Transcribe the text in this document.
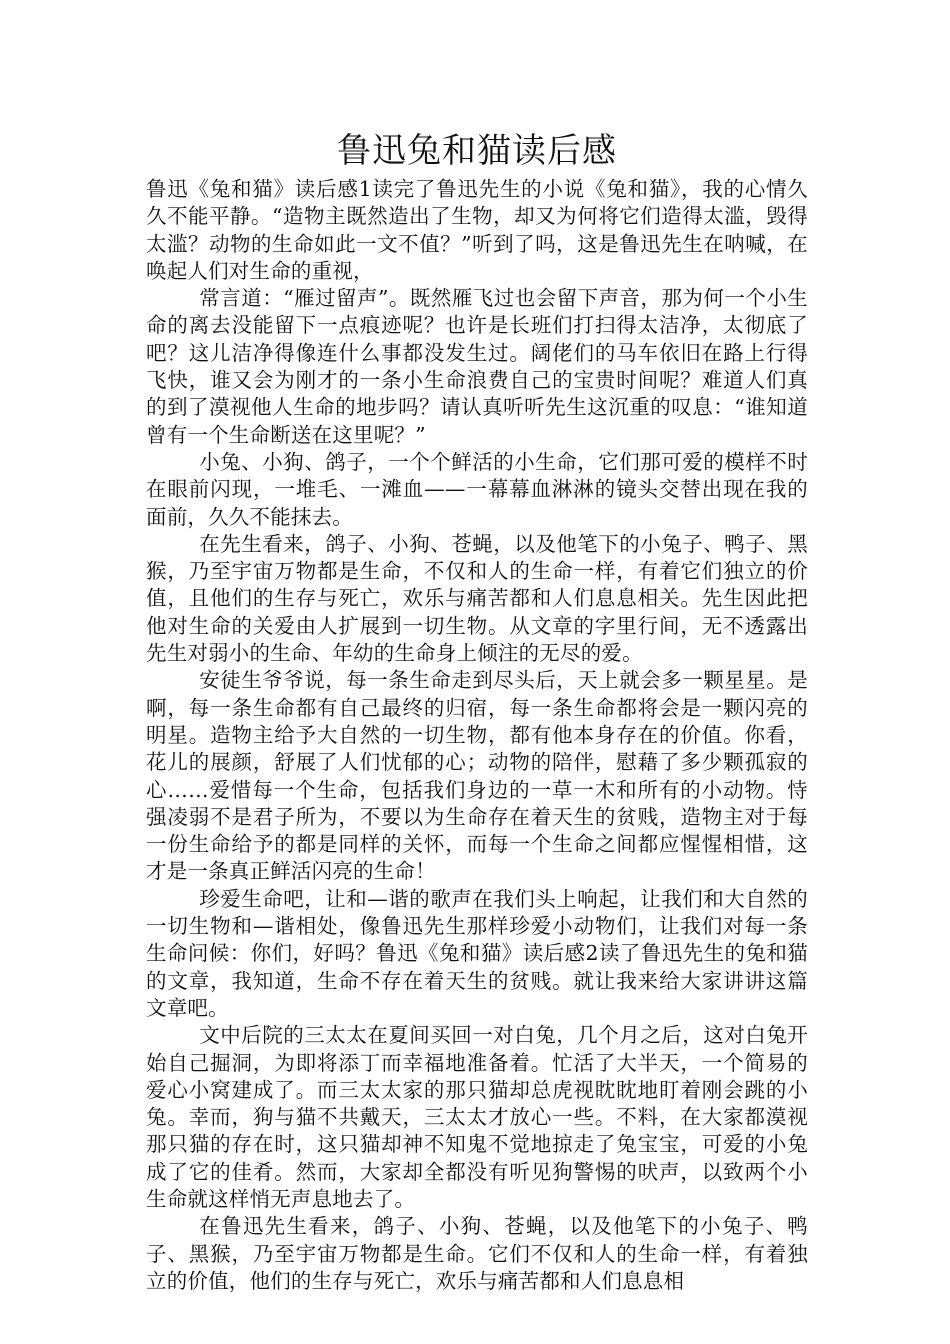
鲁迅兔和猫读后感

鲁迅《兔和猫》读后感1读完了鲁迅先生的小说《兔和猫》，我的心情久久不能平静。“造物主既然造出了生物，却又为何将它们造得太滥，毁得太滥？动物的生命如此一文不值？”听到了吗，这是鲁迅先生在呐喊，在唤起人们对生命的重视，

常言道：“雁过留声”。既然雁飞过也会留下声音，那为何一个小生命的离去没能留下一点痕迹呢？也许是长班们打扫得太洁净，太彻底了吧？这儿洁净得像连什么事都没发生过。阔佬们的马车依旧在路上行得飞快，谁又会为刚才的一条小生命浪费自己的宝贵时间呢？难道人们真的到了漠视他人生命的地步吗？请认真听听先生这沉重的叹息：“谁知道曾有一个生命断送在这里呢？”

小兔、小狗、鸽子，一个个鲜活的小生命，它们那可爱的模样不时在眼前闪现，一堆毛、一滩血——一幕幕血淋淋的镜头交替出现在我的面前，久久不能抹去。

在先生看来，鸽子、小狗、苍蝇，以及他笔下的小兔子、鸭子、黑猴，乃至宇宙万物都是生命，不仅和人的生命一样，有着它们独立的价值，且他们的生存与死亡，欢乐与痛苦都和人们息息相关。先生因此把他对生命的关爱由人扩展到一切生物。从文章的字里行间，无不透露出先生对弱小的生命、年幼的生命身上倾注的无尽的爱。

安徒生爷爷说，每一条生命走到尽头后，天上就会多一颗星星。是啊，每一条生命都有自己最终的归宿，每一条生命都将会是一颗闪亮的明星。造物主给予大自然的一切生物，都有他本身存在的价值。你看，花儿的展颜，舒展了人们忧郁的心；动物的陪伴，慰藉了多少颗孤寂的心……爱惜每一个生命，包括我们身边的一草一木和所有的小动物。恃强凌弱不是君子所为，不要以为生命存在着天生的贫贱，造物主对于每一份生命给予的都是同样的关怀，而每一个生命之间都应惺惺相惜，这才是一条真正鲜活闪亮的生命！

珍爱生命吧，让和—谐的歌声在我们头上响起，让我们和大自然的一切生物和—谐相处，像鲁迅先生那样珍爱小动物们，让我们对每一条生命问候：你们，好吗？鲁迅《兔和猫》读后感2读了鲁迅先生的兔和猫的文章，我知道，生命不存在着天生的贫贱。就让我来给大家讲讲这篇文章吧。

文中后院的三太太在夏间买回一对白兔，几个月之后，这对白兔开始自己掘洞，为即将添丁而幸福地准备着。忙活了大半天，一个简易的爱心小窝建成了。而三太太家的那只猫却总虎视眈眈地盯着刚会跳的小兔。幸而，狗与猫不共戴天，三太太才放心一些。不料，在大家都漠视那只猫的存在时，这只猫却神不知鬼不觉地掠走了兔宝宝，可爱的小兔成了它的佳肴。然而，大家却全都没有听见狗警惕的吠声，以致两个小生命就这样悄无声息地去了。

在鲁迅先生看来，鸽子、小狗、苍蝇，以及他笔下的小兔子、鸭子、黑猴，乃至宇宙万物都是生命。它们不仅和人的生命一样，有着独立的价值，他们的生存与死亡，欢乐与痛苦都和人们息息相
